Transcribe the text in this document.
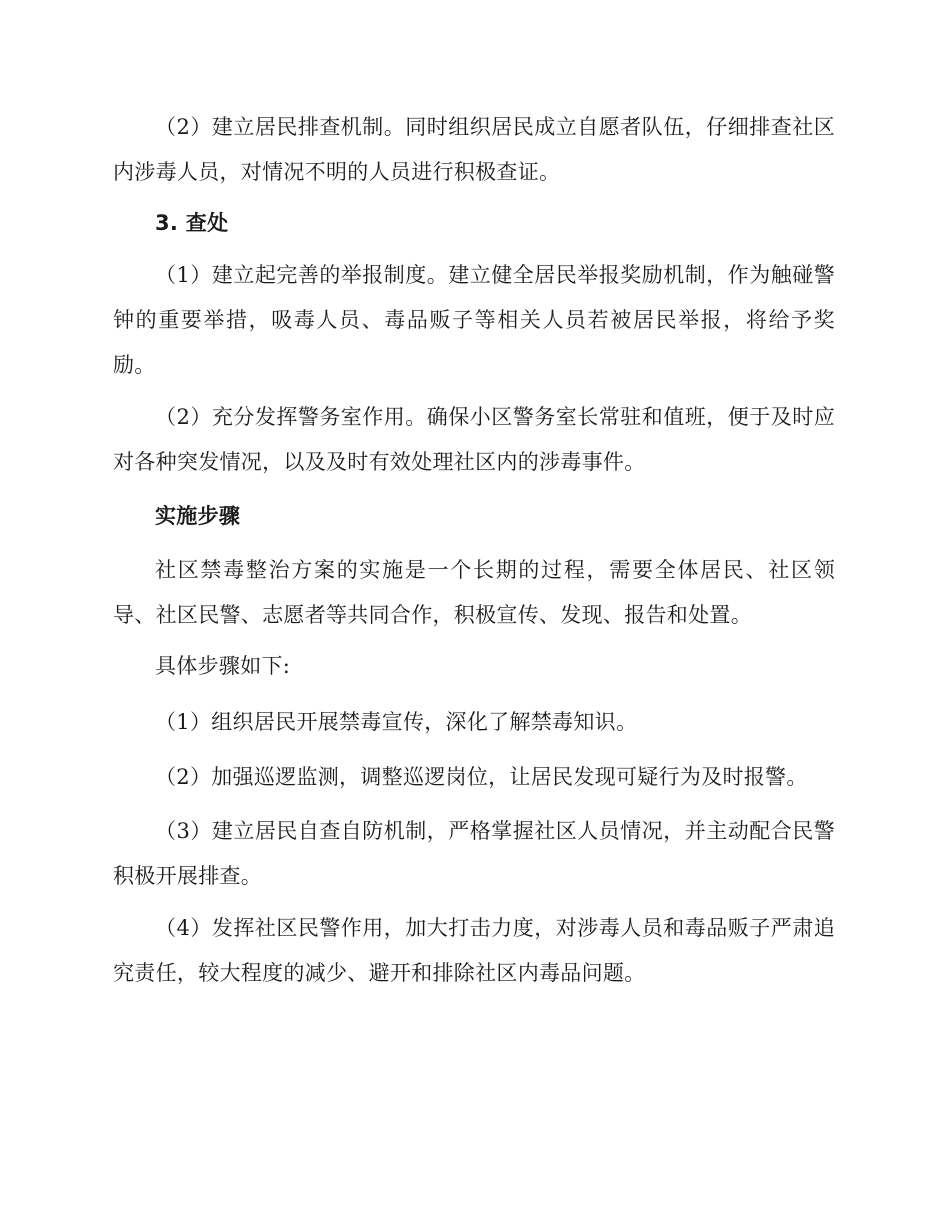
（2）建立居民排查机制。同时组织居民成立自愿者队伍，仔细排查社区内涉毒人员，对情况不明的人员进行积极查证。

3. 查处

（1）建立起完善的举报制度。建立健全居民举报奖励机制，作为触碰警钟的重要举措，吸毒人员、毒品贩子等相关人员若被居民举报，将给予奖励。

（2）充分发挥警务室作用。确保小区警务室长常驻和值班，便于及时应对各种突发情况，以及及时有效处理社区内的涉毒事件。

实施步骤

社区禁毒整治方案的实施是一个长期的过程，需要全体居民、社区领导、社区民警、志愿者等共同合作，积极宣传、发现、报告和处置。

具体步骤如下:

（1）组织居民开展禁毒宣传，深化了解禁毒知识。

（2）加强巡逻监测，调整巡逻岗位，让居民发现可疑行为及时报警。

（3）建立居民自查自防机制，严格掌握社区人员情况，并主动配合民警积极开展排查。

（4）发挥社区民警作用，加大打击力度，对涉毒人员和毒品贩子严肃追究责任，较大程度的减少、避开和排除社区内毒品问题。
